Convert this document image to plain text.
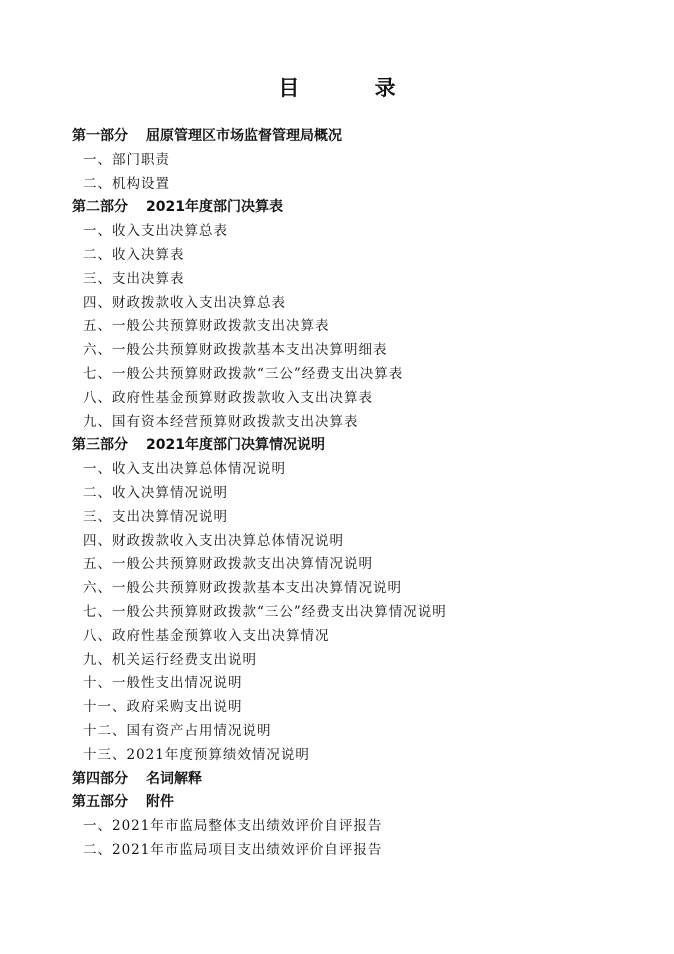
目 录
第一部分 屈原管理区市场监督管理局概况
一、部门职责
二、机构设置
第二部分 2021年度部门决算表
一、收入支出决算总表
二、收入决算表
三、支出决算表
四、财政拨款收入支出决算总表
五、一般公共预算财政拨款支出决算表
六、一般公共预算财政拨款基本支出决算明细表
七、一般公共预算财政拨款“三公”经费支出决算表
八、政府性基金预算财政拨款收入支出决算表
九、国有资本经营预算财政拨款支出决算表
第三部分 2021年度部门决算情况说明
一、收入支出决算总体情况说明
二、收入决算情况说明
三、支出决算情况说明
四、财政拨款收入支出决算总体情况说明
五、一般公共预算财政拨款支出决算情况说明
六、一般公共预算财政拨款基本支出决算情况说明
七、一般公共预算财政拨款“三公”经费支出决算情况说明
八、政府性基金预算收入支出决算情况
九、机关运行经费支出说明
十、一般性支出情况说明
十一、政府采购支出说明
十二、国有资产占用情况说明
十三、2021年度预算绩效情况说明
第四部分 名词解释
第五部分 附件
一、2021年市监局整体支出绩效评价自评报告
二、2021年市监局项目支出绩效评价自评报告
